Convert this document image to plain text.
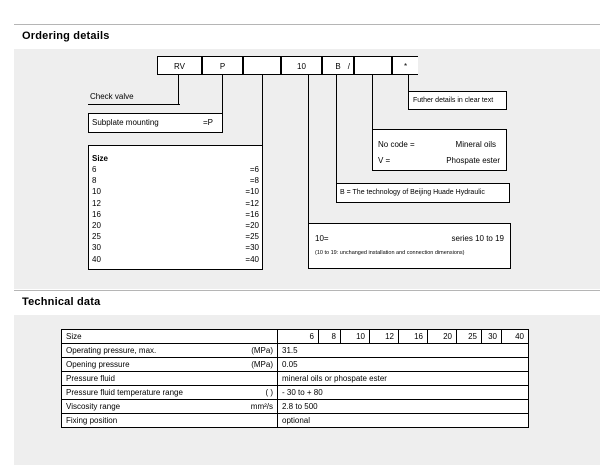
Ordering details
RV	P	10	B /	*
Check valve
Subplate mounting	=P
Size
6	=6
8	=8
10	=10
12	=12
16	=16
20	=20
25	=25
30	=30
40	=40
Futher details in clear text
No code =	Mineral oils
V =	Phospate ester
B = The technology of Beijing Huade Hydraulic
10=	series 10 to 19
(10 to 19: unchanged installation and connection dimensions)
Technical data
Size		6	8	10	12	16	20	25	30	40
Operating pressure, max.	(MPa)	31.5								
Opening pressure	(MPa)	0.05								
Pressure fluid		mineral oils or phospate ester								
Pressure fluid temperature range	( )	- 30 to + 80								
Viscosity range	mm²/s	2.8 to 500								
Fixing position		optional								
